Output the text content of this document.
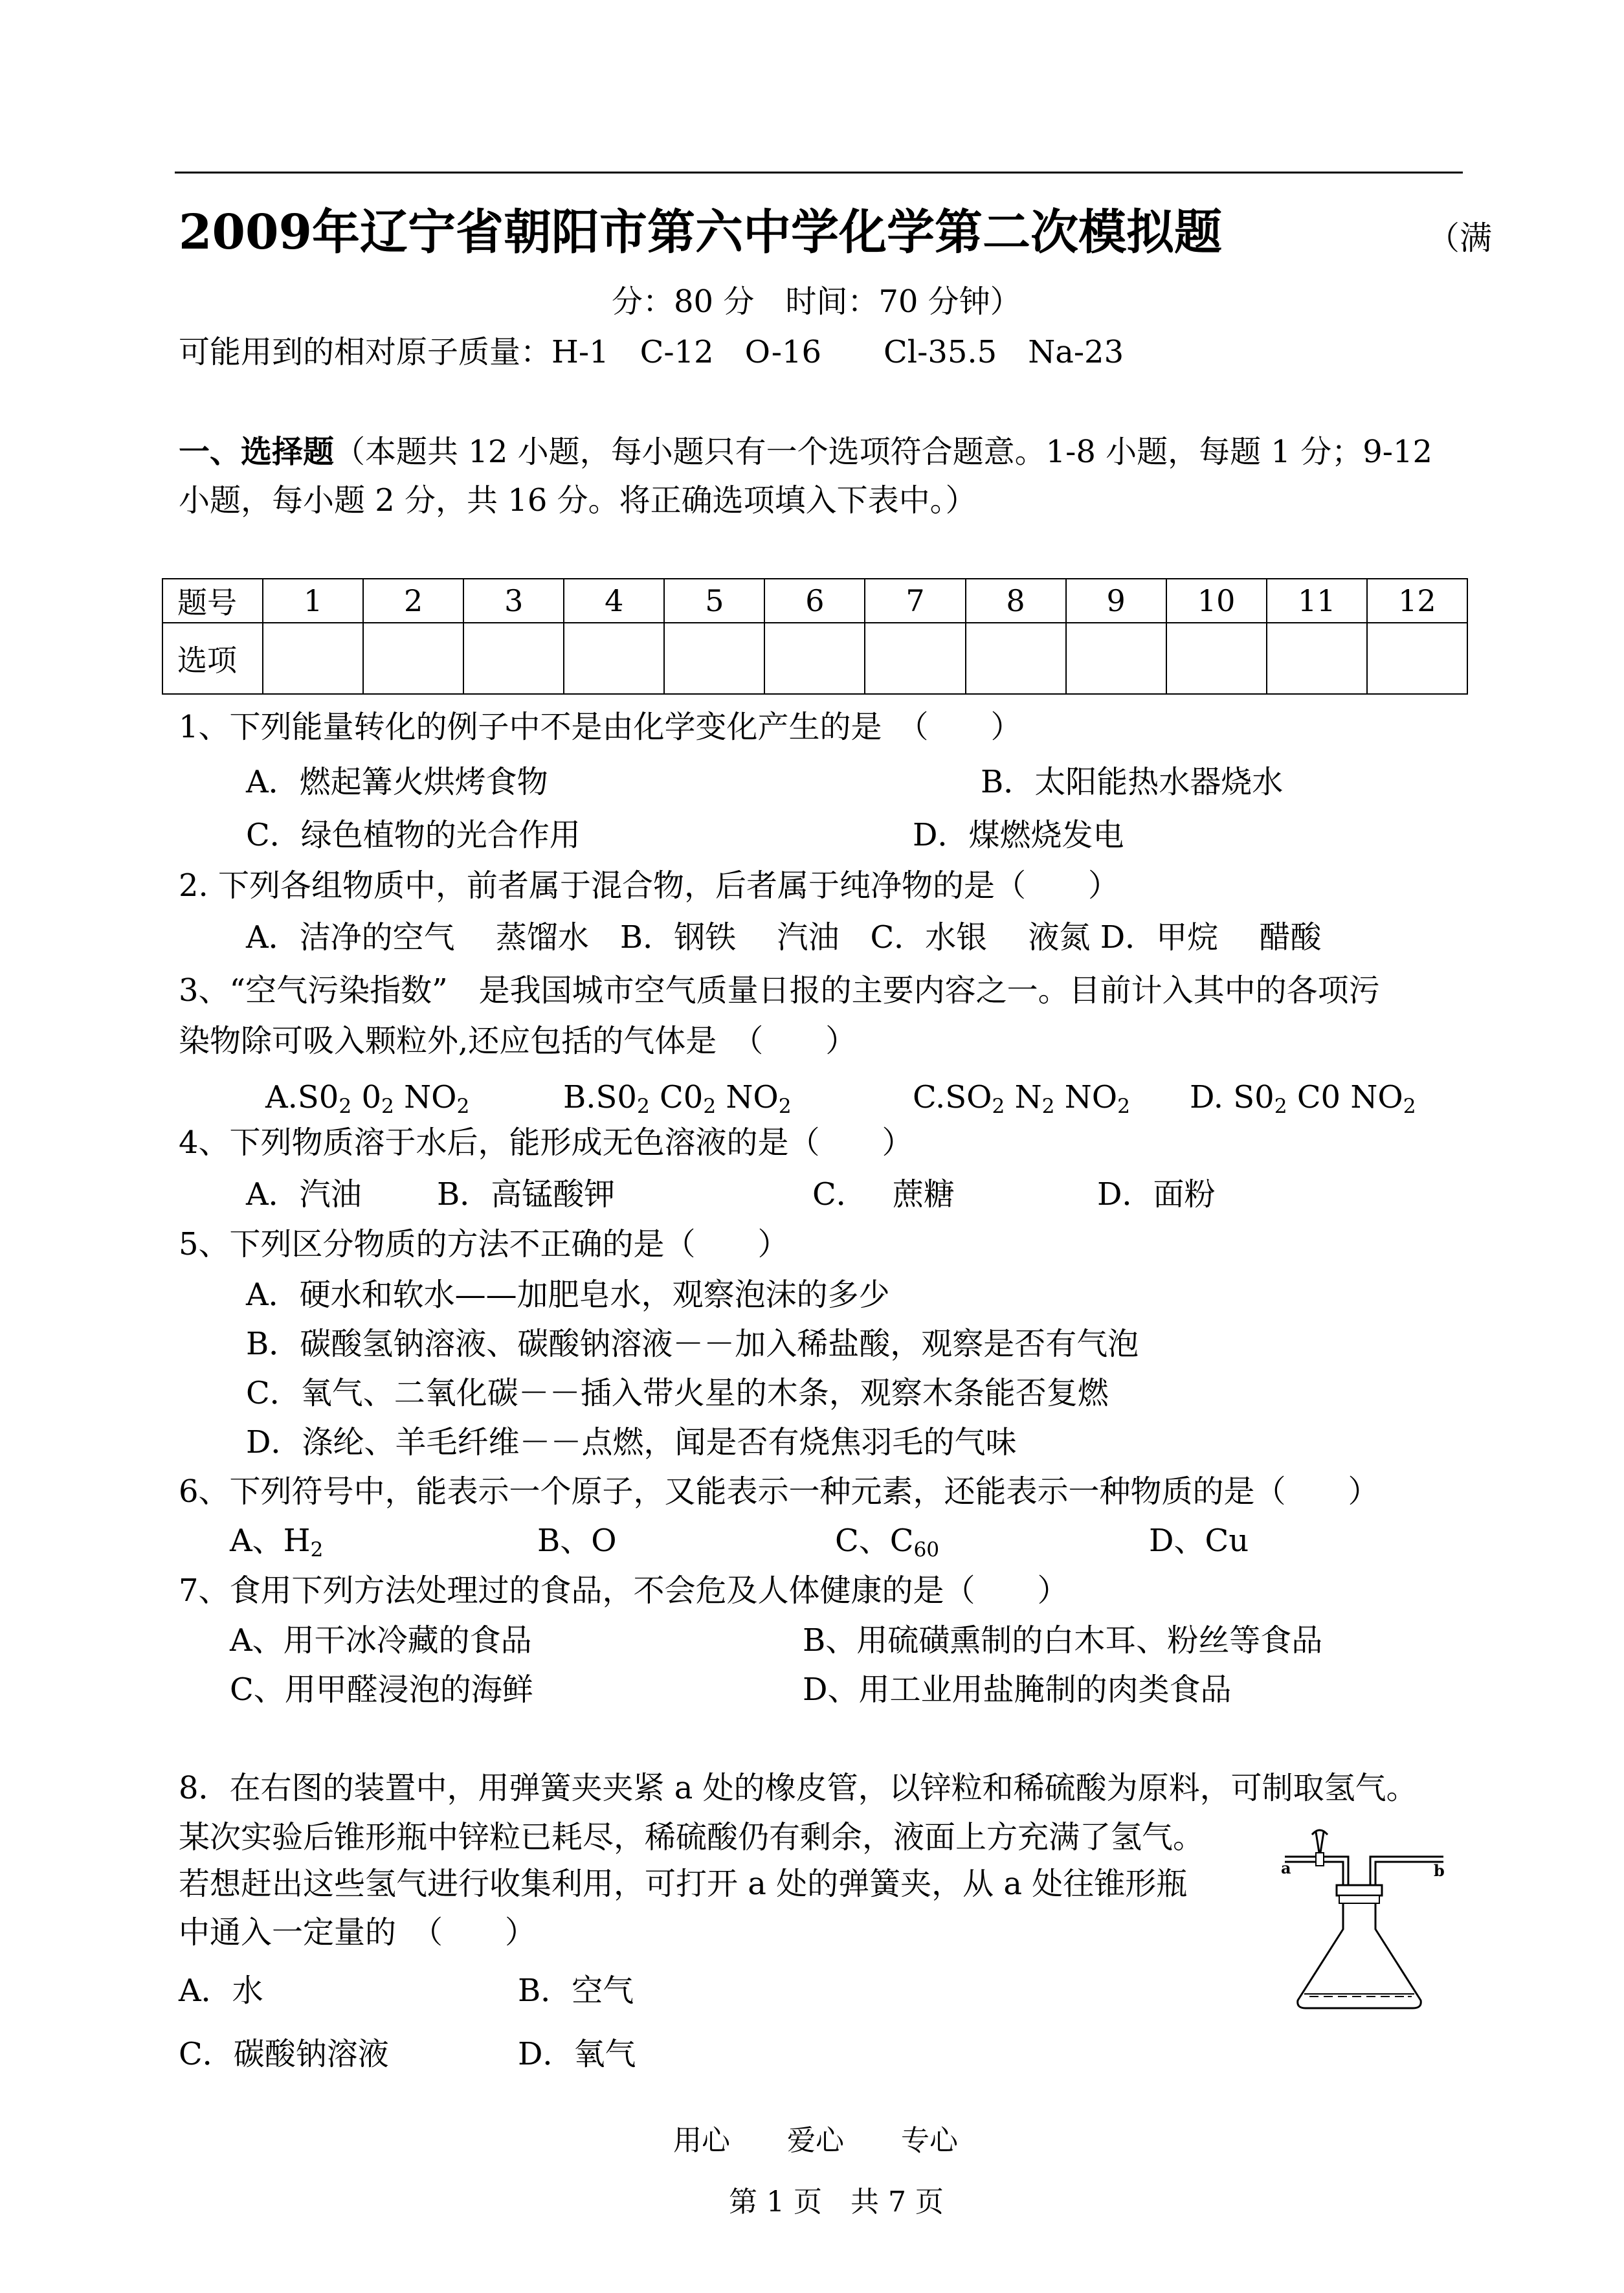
2009年辽宁省朝阳市第六中学化学第二次模拟题	（满
分：80 分　时间：70 分钟）
可能用到的相对原子质量：H-1　C-12　O-16　　Cl-35.5　Na-23
一、选择题（本题共 12 小题，每小题只有一个选项符合题意。1-8 小题，每题 1 分；9-12
小题，每小题 2 分，共 16 分。将正确选项填入下表中。）
题号	1	2	3	4	5	6	7	8	9	10	11	12
选项												
1、下列能量转化的例子中不是由化学变化产生的是　（　　）
A．燃起篝火烘烤食物	B．太阳能热水器烧水
C．绿色植物的光合作用	D．煤燃烧发电
2. 下列各组物质中，前者属于混合物，后者属于纯净物的是（　　）
A．洁净的空气　 蒸馏水　B．钢铁　 汽油　C．水银　 液氮 D．甲烷　 醋酸
3、“空气污染指数”　是我国城市空气质量日报的主要内容之一。目前计入其中的各项污
染物除可吸入颗粒外,还应包括的气体是　（　　）
$A.S0_2$ $0_2$ $NO_2$	$B.S0_2$ $C0_2$ $NO_2$	$C.SO_2$ $N_2$ $NO_2$ D. $S0_2$ C0 $NO_2$
4、下列物质溶于水后，能形成无色溶液的是（　　）
A．汽油 B．高锰酸钾	C．　 蔗糖	D．面粉
5、下列区分物质的方法不正确的是（　　）
A．硬水和软水——加肥皂水，观察泡沫的多少
B．碳酸氢钠溶液、碳酸钠溶液－－加入稀盐酸，观察是否有气泡
C．氧气、二氧化碳－－插入带火星的木条，观察木条能否复燃
D．涤纶、羊毛纤维－－点燃，闻是否有烧焦羽毛的气味
6、下列符号中，能表示一个原子，又能表示一种元素，还能表示一种物质的是（　　）
A、$H_2$	B、O	C、$C_{60}$	D、Cu
7、食用下列方法处理过的食品，不会危及人体健康的是（　　）
A、用干冰冷藏的食品	B、用硫磺熏制的白木耳、粉丝等食品
C、用甲醛浸泡的海鲜	D、用工业用盐腌制的肉类食品
8．在右图的装置中，用弹簧夹夹紧 a 处的橡皮管，以锌粒和稀硫酸为原料，可制取氢气。
某次实验后锥形瓶中锌粒已耗尽，稀硫酸仍有剩余，液面上方充满了氢气。
若想赶出这些氢气进行收集利用，可打开 a 处的弹簧夹，从 a 处往锥形瓶
中通入一定量的　（　　）
A．水	B．空气
C．碳酸钠溶液	D．氧气
a	b
用心　　爱心　　专心
第 1 页　共 7 页
